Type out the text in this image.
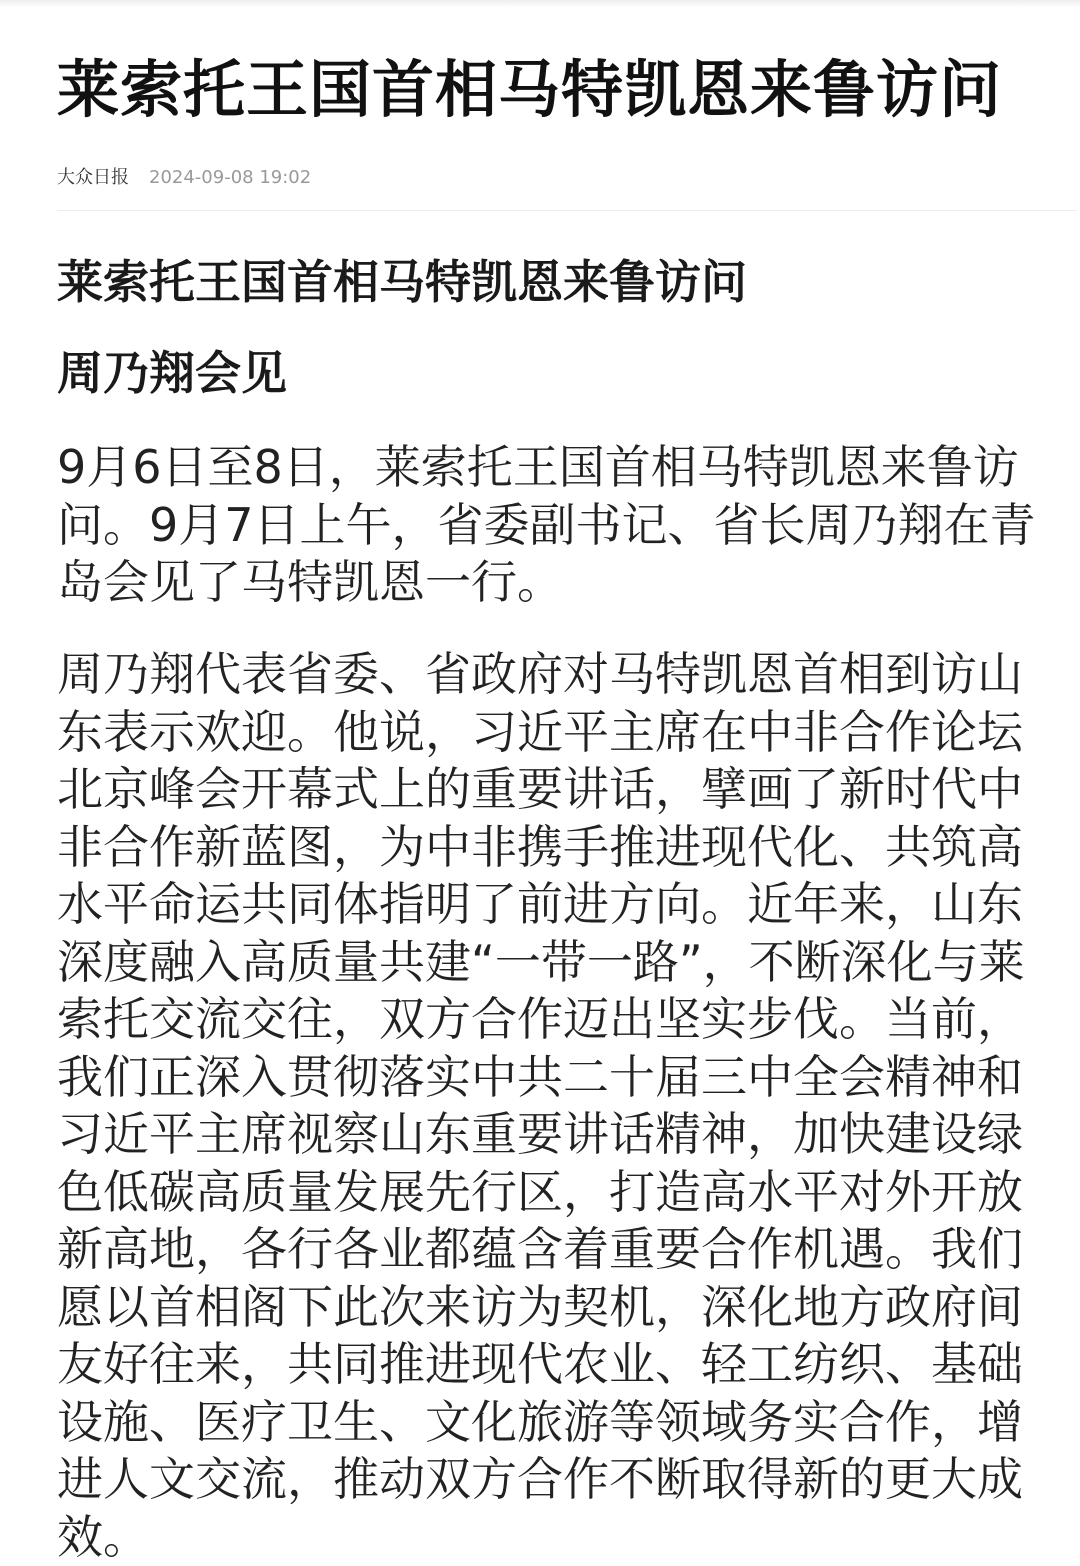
莱索托王国首相马特凯恩来鲁访问
大众日报 2024-09-08 19:02
莱索托王国首相马特凯恩来鲁访问
周乃翔会见

9月6日至8日，莱索托王国首相马特凯恩来鲁访问。9月7日上午，省委副书记、省长周乃翔在青岛会见了马特凯恩一行。

周乃翔代表省委、省政府对马特凯恩首相到访山东表示欢迎。他说，习近平主席在中非合作论坛北京峰会开幕式上的重要讲话，擘画了新时代中非合作新蓝图，为中非携手推进现代化、共筑高水平命运共同体指明了前进方向。近年来，山东深度融入高质量共建“一带一路”，不断深化与莱索托交流交往，双方合作迈出坚实步伐。当前，我们正深入贯彻落实中共二十届三中全会精神和习近平主席视察山东重要讲话精神，加快建设绿色低碳高质量发展先行区，打造高水平对外开放新高地，各行各业都蕴含着重要合作机遇。我们愿以首相阁下此次来访为契机，深化地方政府间友好往来，共同推进现代农业、轻工纺织、基础设施、医疗卫生、文化旅游等领域务实合作，增进人文交流，推动双方合作不断取得新的更大成效。
